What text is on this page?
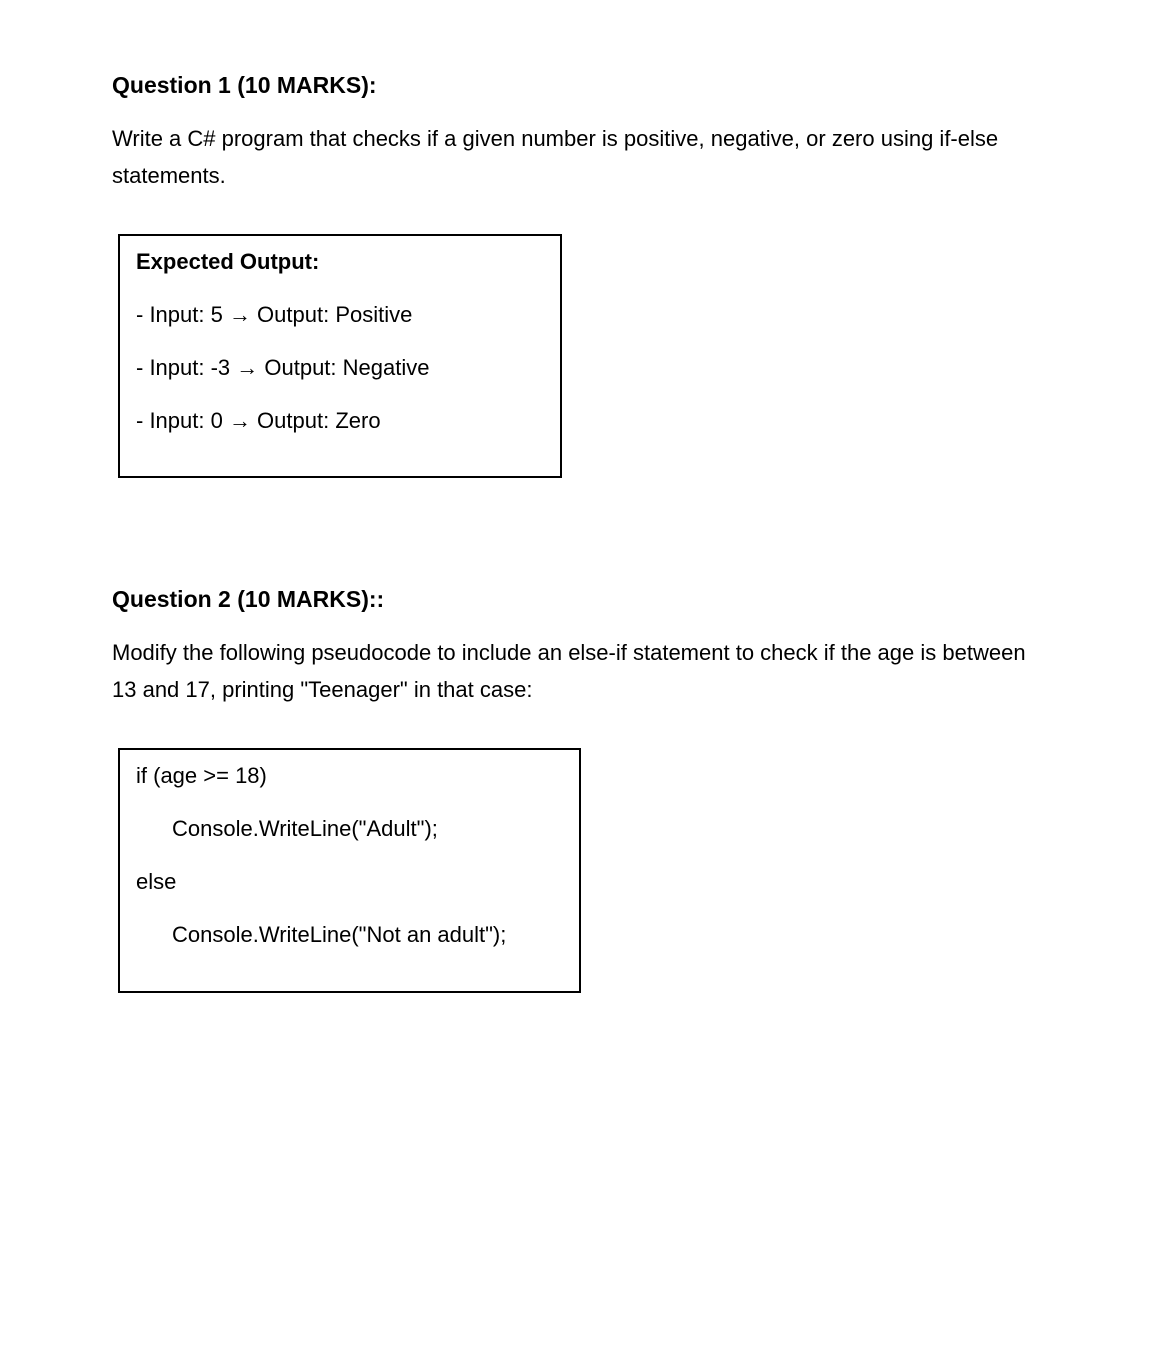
Question 1 (10 MARKS):

Write a C# program that checks if a given number is positive, negative, or zero using if-else statements.

Expected Output:
- Input: 5 → Output: Positive
- Input: -3 → Output: Negative
- Input: 0 → Output: Zero
Question 2 (10 MARKS)::

Modify the following pseudocode to include an else-if statement to check if the age is between 13 and 17, printing "Teenager" in that case:

if (age >= 18)
Console.WriteLine("Adult");
else
Console.WriteLine("Not an adult");
